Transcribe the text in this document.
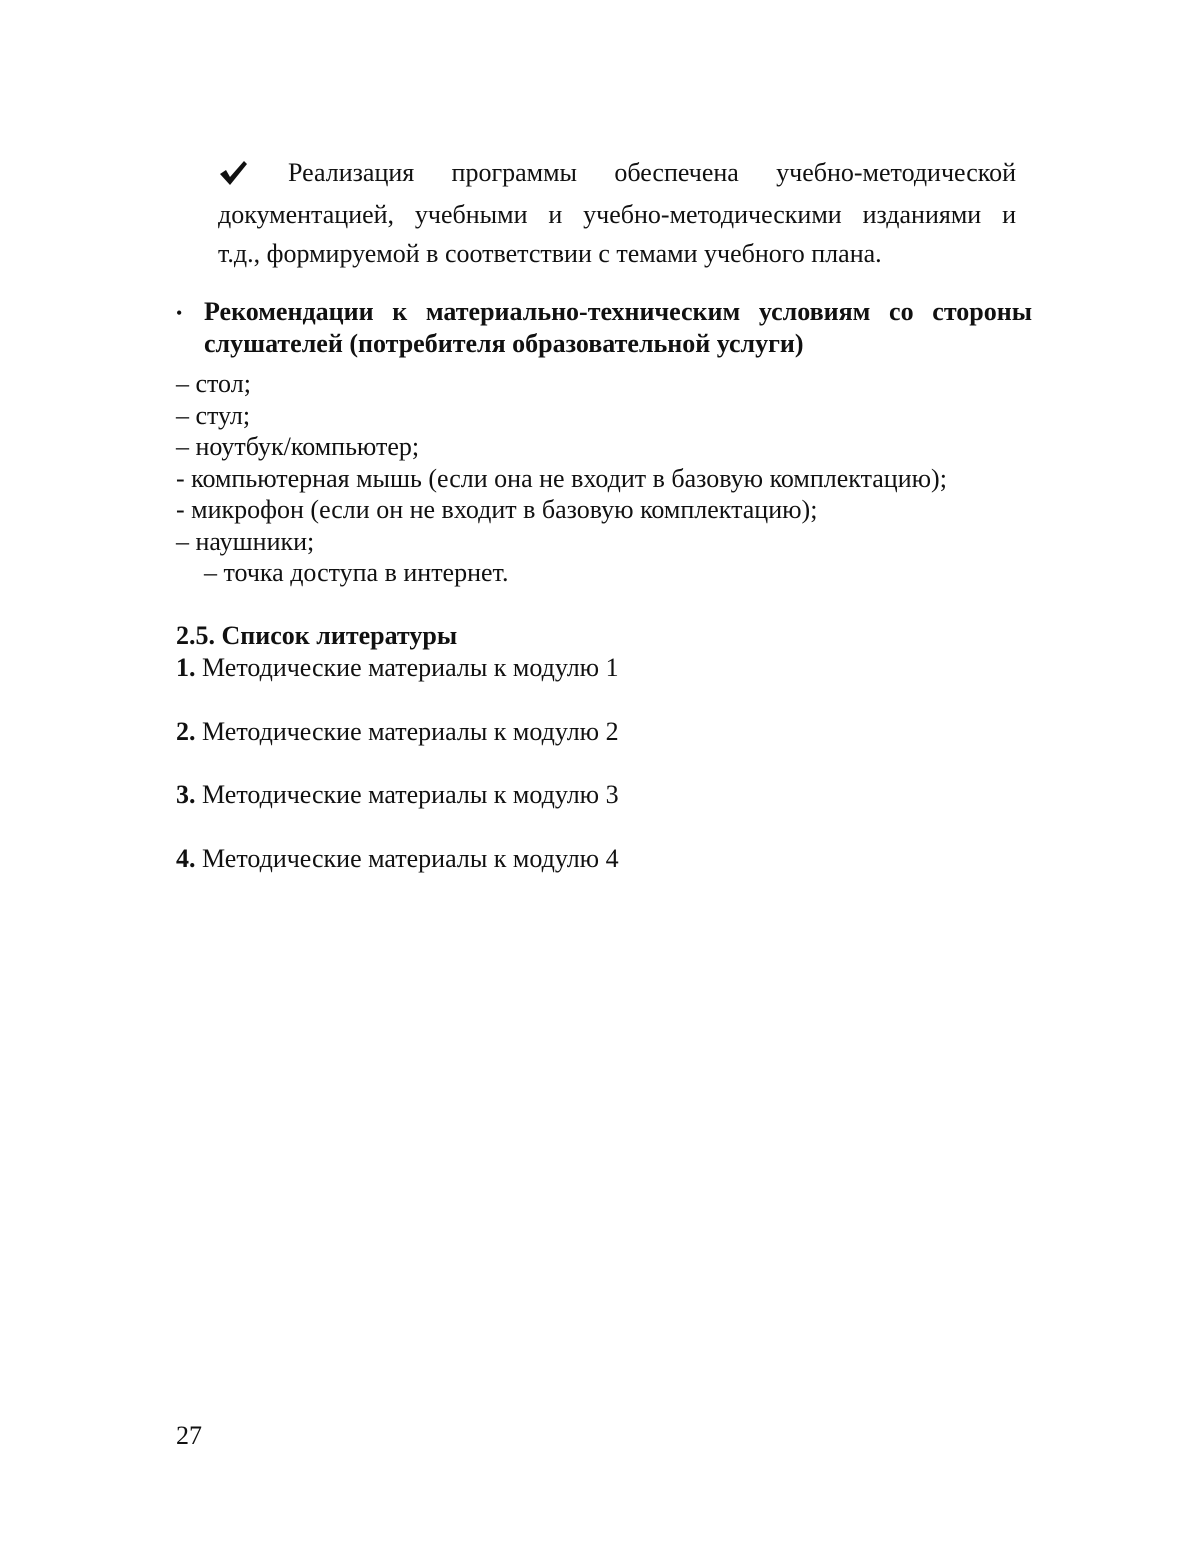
Реализация программы обеспечена учебно-методической
документацией, учебными и учебно-методическими изданиями и
т.д., формируемой в соответствии с темами учебного плана.
• Рекомендации к материально-техническим условиям со стороны
слушателей (потребителя образовательной услуги)
– стол;
– стул;
– ноутбук/компьютер;
- компьютерная мышь (если она не входит в базовую комплектацию);
- микрофон (если он не входит в базовую комплектацию);
– наушники;
– точка доступа в интернет.
2.5. Список литературы
1. Методические материалы к модулю 1
2. Методические материалы к модулю 2
3. Методические материалы к модулю 3
4. Методические материалы к модулю 4
27
